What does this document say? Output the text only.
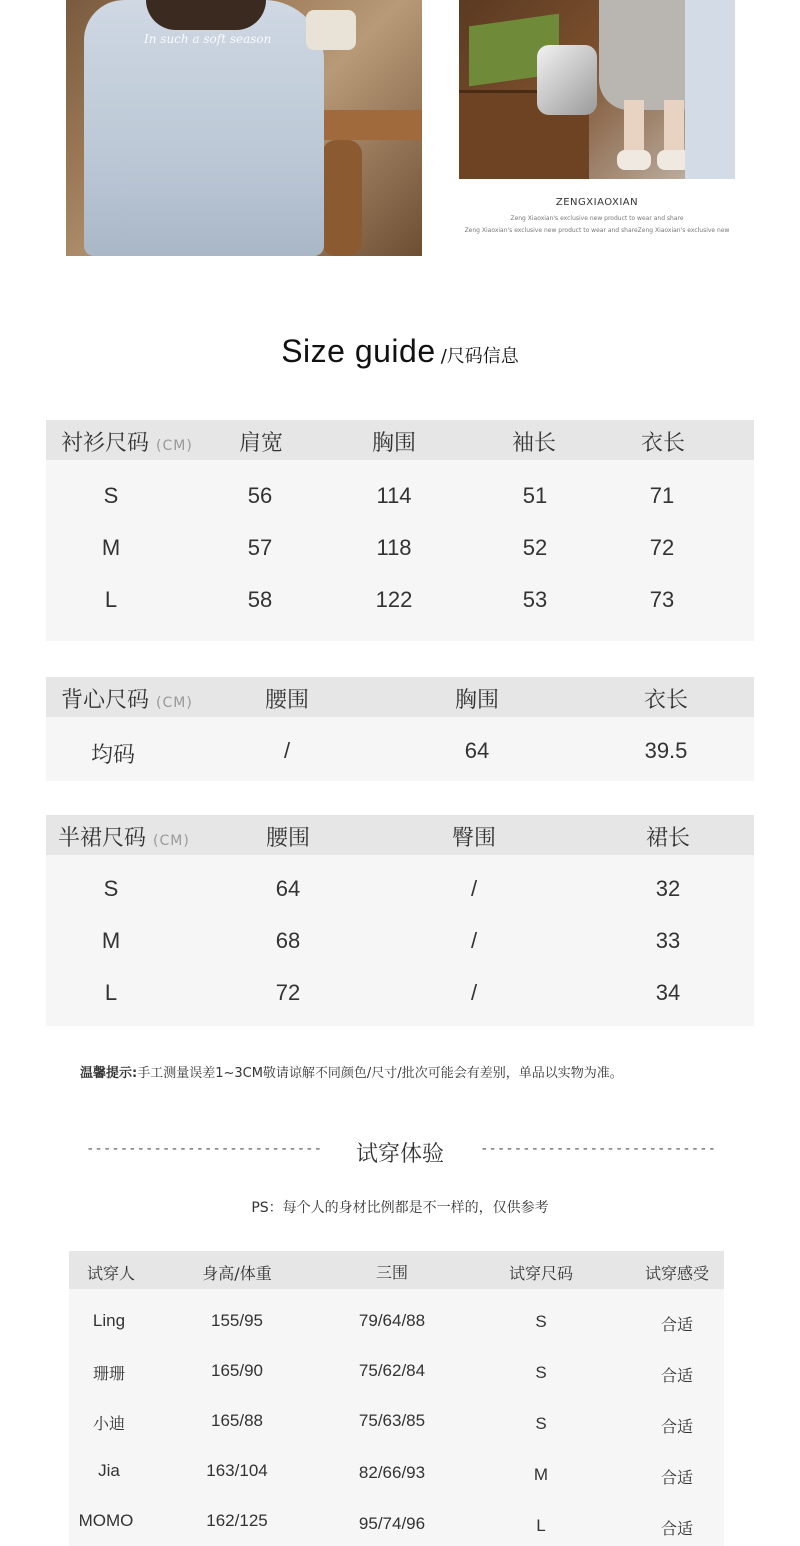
In such a soft season
ZENGXIAOXIAN
Zeng Xiaoxian's exclusive new product to wear and share
Zeng Xiaoxian's exclusive new product to wear and shareZeng Xiaoxian's exclusive new
Size guide /尺码信息
衬衫尺码 (CM) 肩宽	胸围	袖长	衣长
S	56	114	51	71
M	57	118	52	72
L	58	122	53	73
背心尺码 (CM)	腰围	胸围	衣长
均码	/	64	39.5
半裙尺码 (CM)	腰围	臀围	裙长
S	64	/	32
M	68	/	33
L	72	/	34
温馨提示:手工测量误差1~3CM敬请谅解不同颜色/尺寸/批次可能会有差别，单品以实物为准。
----------------------------	试穿体验	----------------------------
PS：每个人的身材比例都是不一样的，仅供参考
试穿人	身高/体重	三围	试穿尺码	试穿感受
Ling	155/95	79/64/88	S	合适
珊珊	165/90	75/62/84	S	合适
小迪	165/88	75/63/85	S	合适
Jia	163/104	82/66/93	M	合适
MOMO	162/125	95/74/96	L	合适
